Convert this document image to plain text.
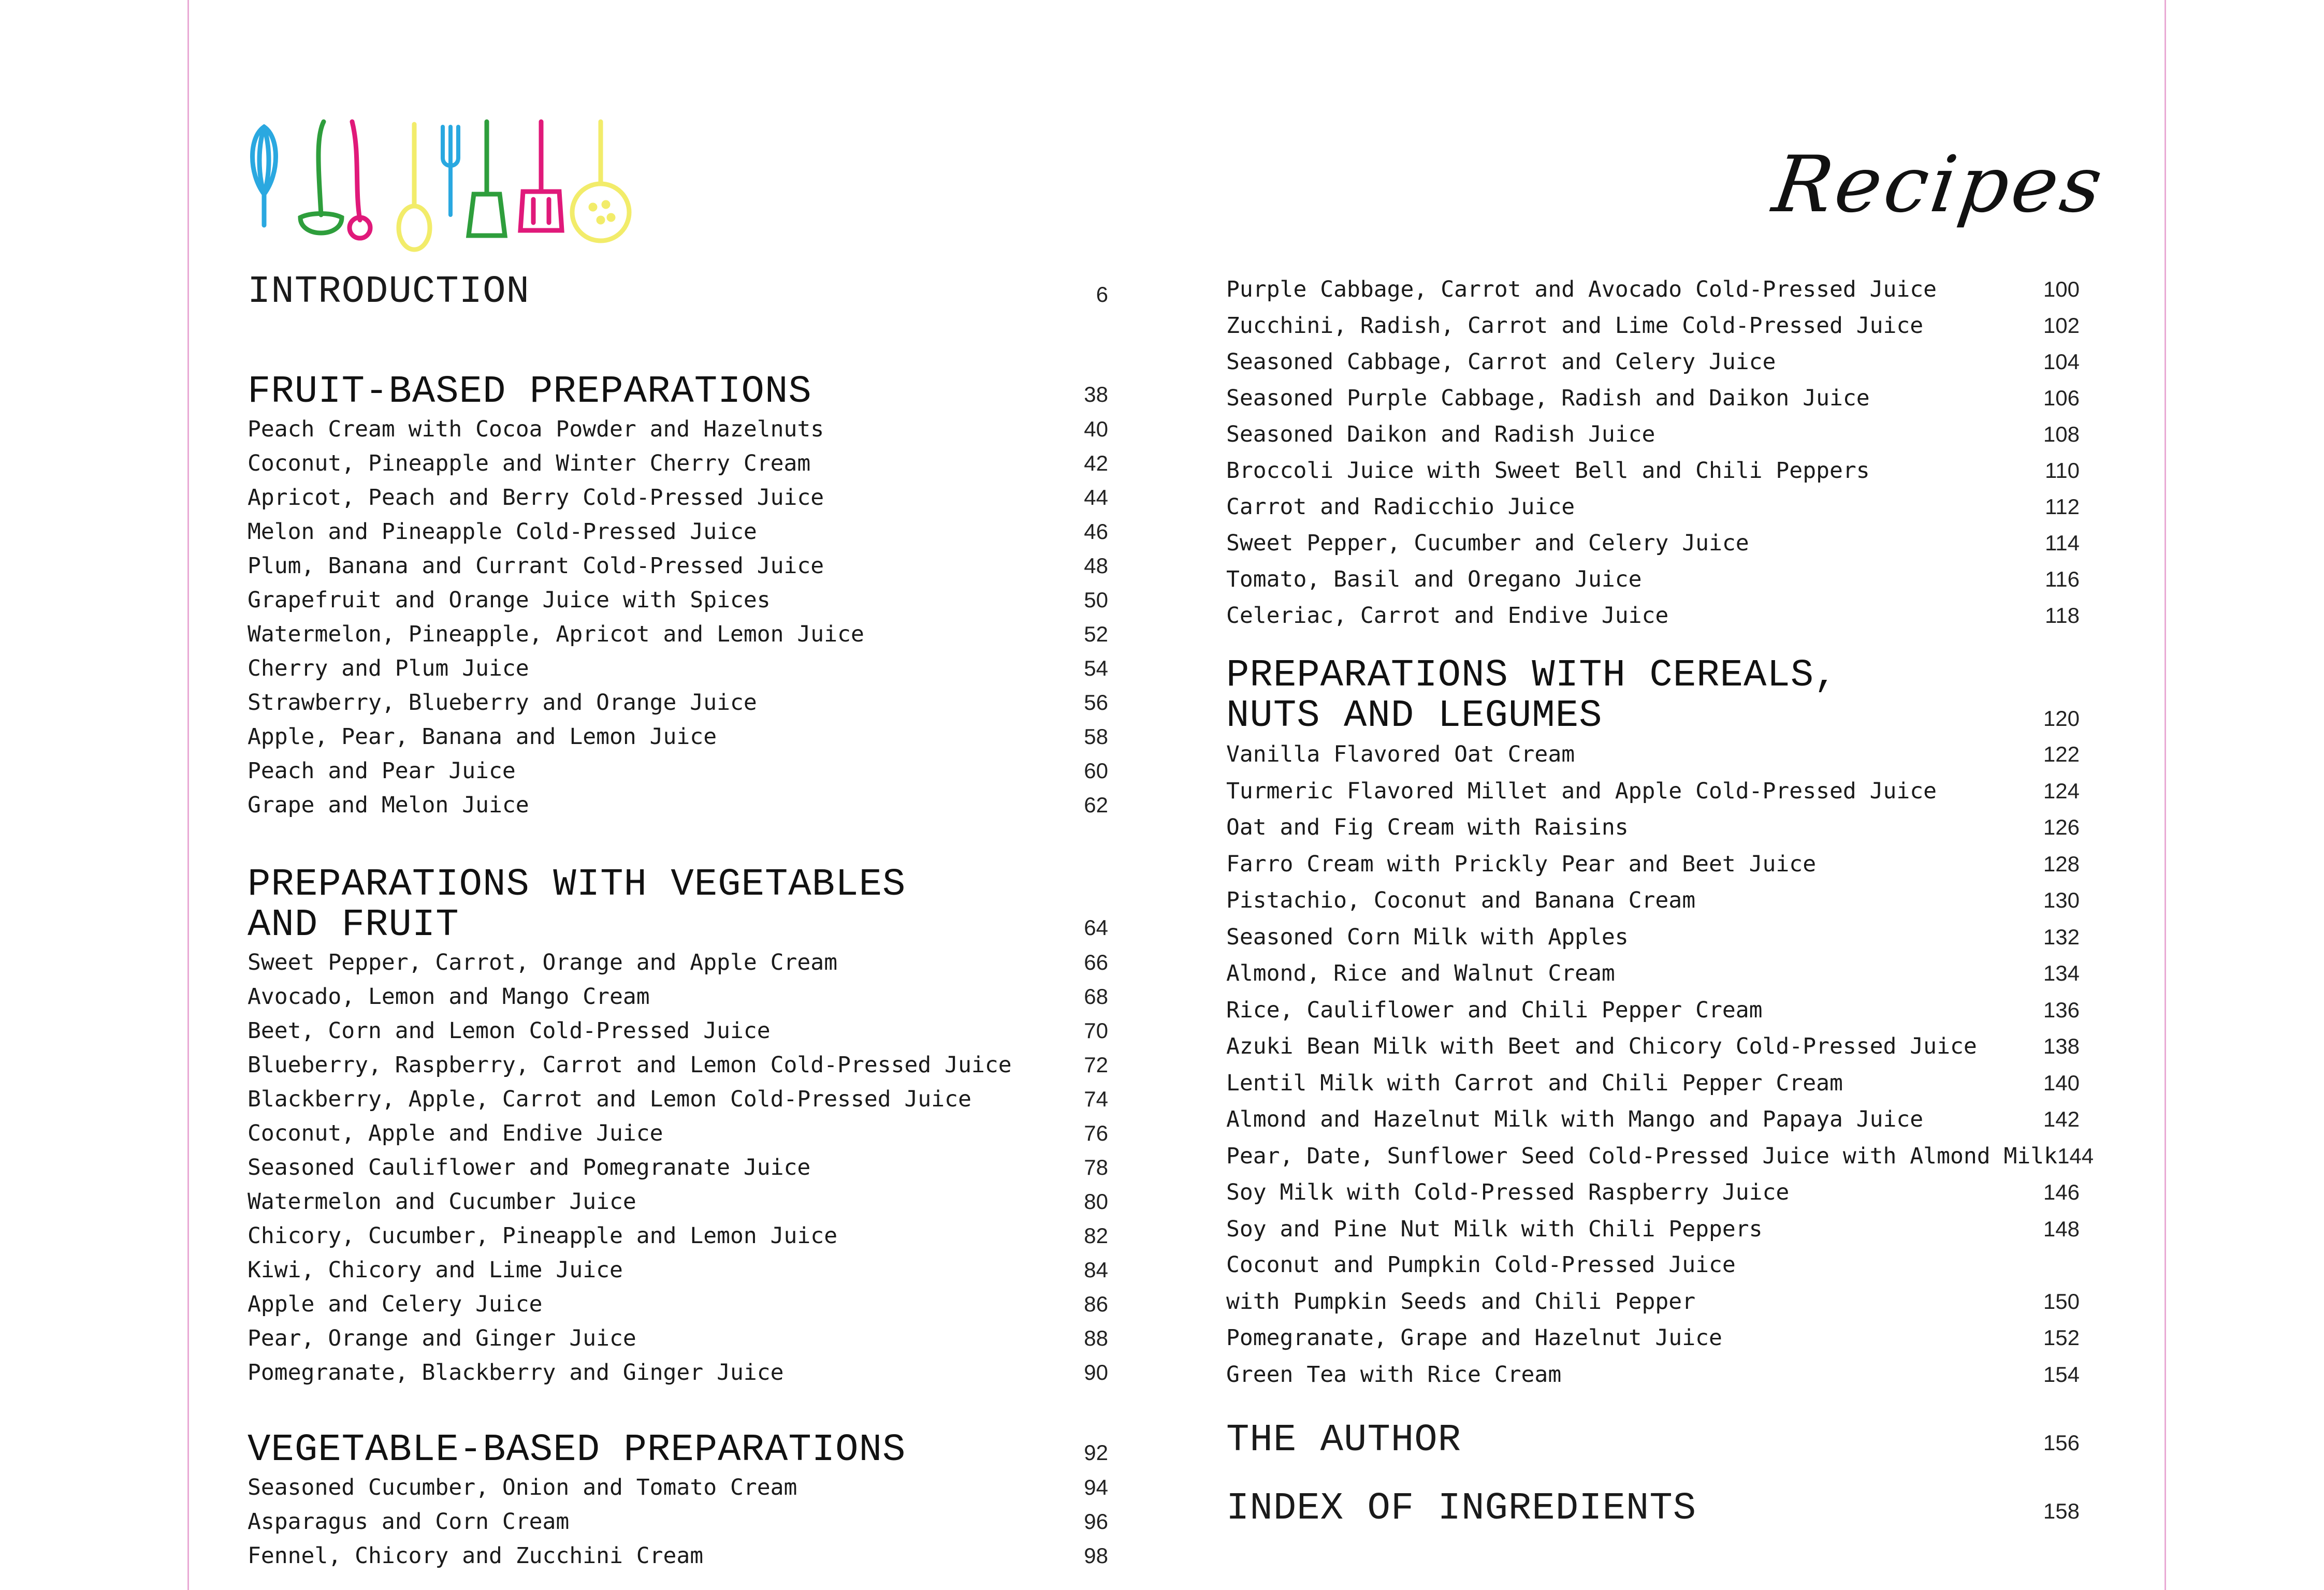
Recipes
INTRODUCTION	6
FRUIT-BASED PREPARATIONS	38
Peach Cream with Cocoa Powder and Hazelnuts	40
Coconut, Pineapple and Winter Cherry Cream	42
Apricot, Peach and Berry Cold-Pressed Juice	44
Melon and Pineapple Cold-Pressed Juice	46
Plum, Banana and Currant Cold-Pressed Juice	48
Grapefruit and Orange Juice with Spices	50
Watermelon, Pineapple, Apricot and Lemon Juice	52
Cherry and Plum Juice	54
Strawberry, Blueberry and Orange Juice	56
Apple, Pear, Banana and Lemon Juice	58
Peach and Pear Juice	60
Grape and Melon Juice	62
PREPARATIONS WITH VEGETABLES
AND FRUIT	64
Sweet Pepper, Carrot, Orange and Apple Cream	66
Avocado, Lemon and Mango Cream	68
Beet, Corn and Lemon Cold-Pressed Juice	70
Blueberry, Raspberry, Carrot and Lemon Cold-Pressed Juice	72
Blackberry, Apple, Carrot and Lemon Cold-Pressed Juice	74
Coconut, Apple and Endive Juice	76
Seasoned Cauliflower and Pomegranate Juice	78
Watermelon and Cucumber Juice	80
Chicory, Cucumber, Pineapple and Lemon Juice	82
Kiwi, Chicory and Lime Juice	84
Apple and Celery Juice	86
Pear, Orange and Ginger Juice	88
Pomegranate, Blackberry and Ginger Juice	90
VEGETABLE-BASED PREPARATIONS	92
Seasoned Cucumber, Onion and Tomato Cream	94
Asparagus and Corn Cream	96
Fennel, Chicory and Zucchini Cream	98
Purple Cabbage, Carrot and Avocado Cold-Pressed Juice	100
Zucchini, Radish, Carrot and Lime Cold-Pressed Juice	102
Seasoned Cabbage, Carrot and Celery Juice	104
Seasoned Purple Cabbage, Radish and Daikon Juice	106
Seasoned Daikon and Radish Juice	108
Broccoli Juice with Sweet Bell and Chili Peppers	110
Carrot and Radicchio Juice	112
Sweet Pepper, Cucumber and Celery Juice	114
Tomato, Basil and Oregano Juice	116
Celeriac, Carrot and Endive Juice	118
PREPARATIONS WITH CEREALS,
NUTS AND LEGUMES	120
Vanilla Flavored Oat Cream	122
Turmeric Flavored Millet and Apple Cold-Pressed Juice	124
Oat and Fig Cream with Raisins	126
Farro Cream with Prickly Pear and Beet Juice	128
Pistachio, Coconut and Banana Cream	130
Seasoned Corn Milk with Apples	132
Almond, Rice and Walnut Cream	134
Rice, Cauliflower and Chili Pepper Cream	136
Azuki Bean Milk with Beet and Chicory Cold-Pressed Juice	138
Lentil Milk with Carrot and Chili Pepper Cream	140
Almond and Hazelnut Milk with Mango and Papaya Juice	142
Pear, Date, Sunflower Seed Cold-Pressed Juice with Almond Milk 144
Soy Milk with Cold-Pressed Raspberry Juice	146
Soy and Pine Nut Milk with Chili Peppers	148
Coconut and Pumpkin Cold-Pressed Juice
with Pumpkin Seeds and Chili Pepper	150
Pomegranate, Grape and Hazelnut Juice	152
Green Tea with Rice Cream	154
THE AUTHOR	156
INDEX OF INGREDIENTS	158
